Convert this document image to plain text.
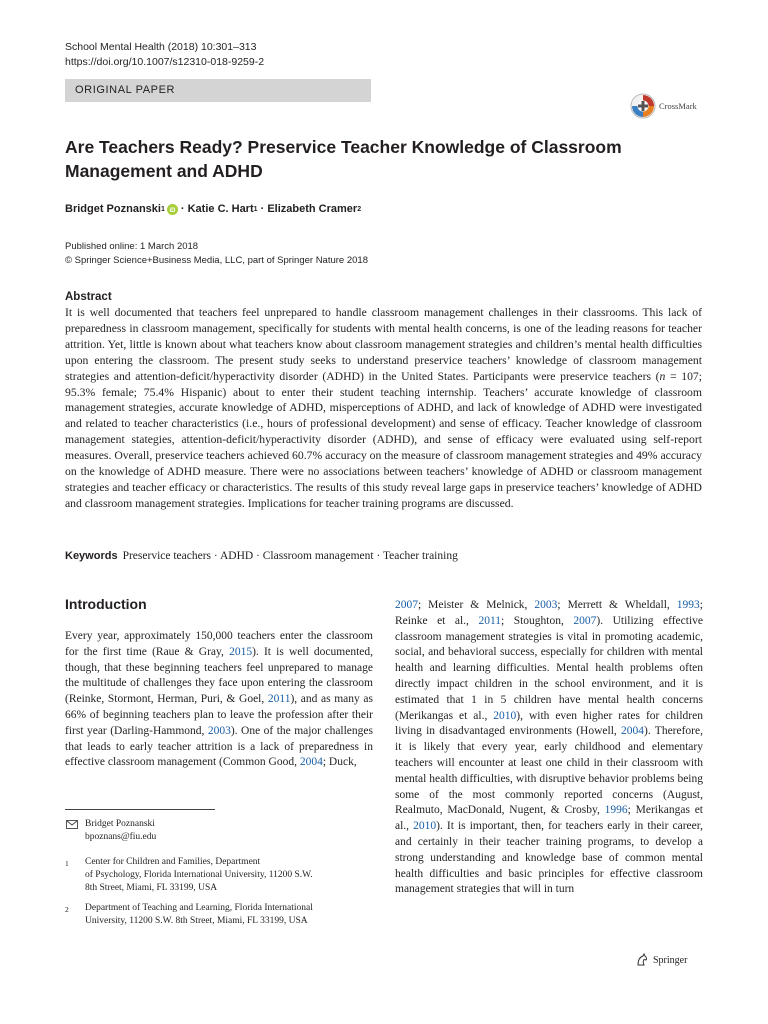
School Mental Health (2018) 10:301–313
https://doi.org/10.1007/s12310-018-9259-2
ORIGINAL PAPER
CrossMark
Are Teachers Ready? Preservice Teacher Knowledge of Classroom Management and ADHD
Bridget Poznanski 1 iD ·
Katie C. Hart 1
·
Elizabeth Cramer 2
Published online: 1 March 2018
© Springer Science+Business Media, LLC, part of Springer Nature 2018
Abstract

It is well documented that teachers feel unprepared to handle classroom management challenges in their classrooms. This lack of preparedness in classroom management, specifically for students with mental health concerns, is one of the leading reasons for teacher attrition. Yet, little is known about what teachers know about classroom management strategies and children’s mental health difficulties upon entering the classroom. The present study seeks to understand preservice teachers’ knowledge of classroom management strategies and attention-deficit/hyperactivity disorder (ADHD) in the United States. Participants were preservice teachers (n = 107; 95.3% female; 75.4% Hispanic) about to enter their student teaching internship. Teachers’ accurate knowledge of classroom management strategies, accurate knowledge of ADHD, misperceptions of ADHD, and lack of knowledge of ADHD were investigated and related to teacher characteristics (i.e., hours of professional development) and sense of efficacy. Teacher knowledge of classroom management stategies, attention-deficit/hyperactivity disorder (ADHD), and sense of efficacy were evaluated using self-report measures. Overall, preservice teachers achieved 60.7% accuracy on the measure of classroom management strategies and 49% accuracy on the knowledge of ADHD measure. There were no associations between teachers’ knowledge of ADHD or classroom management strategies and teacher efficacy or characteristics. The results of this study reveal large gaps in preservice teachers’ knowledge of ADHD and classroom management strategies. Implications for teacher training programs are discussed.

Keywords Preservice teachers · ADHD · Classroom management · Teacher training
Introduction

Every year, approximately 150,000 teachers enter the classroom for the first time (Raue & Gray, 2015). It is well documented, though, that these beginning teachers feel unprepared to manage the multitude of challenges they face upon entering the classroom (Reinke, Stormont, Herman, Puri, & Goel, 2011), and as many as 66% of beginning teachers plan to leave the profession after their first year (Darling-Hammond, 2003). One of the major challenges that leads to early teacher attrition is a lack of preparedness in effective classroom management (Common Good, 2004; Duck,

2007; Meister & Melnick, 2003; Merrett & Wheldall, 1993; Reinke et al., 2011; Stoughton, 2007). Utilizing effective classroom management strategies is vital in promoting academic, social, and behavioral success, especially for children with mental health and learning difficulties. Mental health problems often directly impact children in the school environment, and it is estimated that 1 in 5 children have mental health concerns (Merikangas et al., 2010), with even higher rates for children living in disadvantaged environments (Howell, 2004). Therefore, it is likely that every year, early childhood and elementary teachers will encounter at least one child in their classroom with mental health difficulties, with disruptive behavior problems being some of the most commonly reported concerns (August, Realmuto, MacDonald, Nugent, & Crosby, 1996; Merikangas et al., 2010). It is important, then, for teachers early in their career, and certainly in their teacher training programs, to develop a strong understanding and knowledge base of common mental health difficulties and basic principles for effective classroom management strategies that will in turn

Bridget Poznanski
bpoznans@fiu.edu
1	Center for Children and Families, Department
of Psychology, Florida International University, 11200 S.W.
8th Street, Miami, FL 33199, USA
2	Department of Teaching and Learning, Florida International
University, 11200 S.W. 8th Street, Miami, FL 33199, USA
Springer
